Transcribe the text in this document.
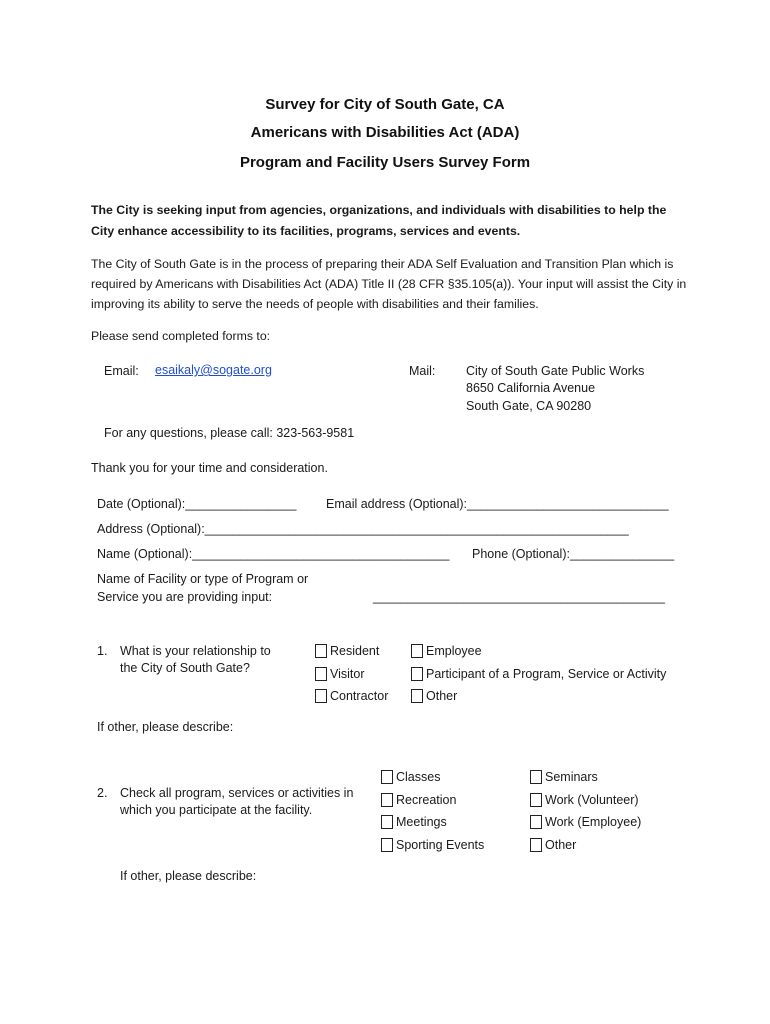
Survey for City of South Gate, CA
Americans with Disabilities Act (ADA)
Program and Facility Users Survey Form
The City is seeking input from agencies, organizations, and individuals with disabilities to help the City enhance accessibility to its facilities, programs, services and events.
The City of South Gate is in the process of preparing their ADA Self Evaluation and Transition Plan which is required by Americans with Disabilities Act (ADA) Title II (28 CFR §35.105(a)). Your input will assist the City in improving its ability to serve the needs of people with disabilities and their families.
Please send completed forms to:
Email: esaikaly@sogate.org	Mail: City of South Gate Public Works
8650 California Avenue
South Gate, CA 90280
For any questions, please call: 323-563-9581
Thank you for your time and consideration.
Date (Optional):________________ Email address (Optional):_____________________________
Address (Optional):_____________________________________________________________
Name (Optional):_____________________________________ Phone (Optional):_______________
Name of Facility or type of Program or
Service you are providing input:	__________________________________________
1. What is your relationship to
the City of South Gate?
Resident	Employee
Visitor	Participant of a Program, Service or Activity
Contractor	Other
If other, please describe:
2. Check all program, services or activities in
which you participate at the facility.
Classes	Seminars
Recreation	Work (Volunteer)
Meetings	Work (Employee)
Sporting Events	Other
If other, please describe:
